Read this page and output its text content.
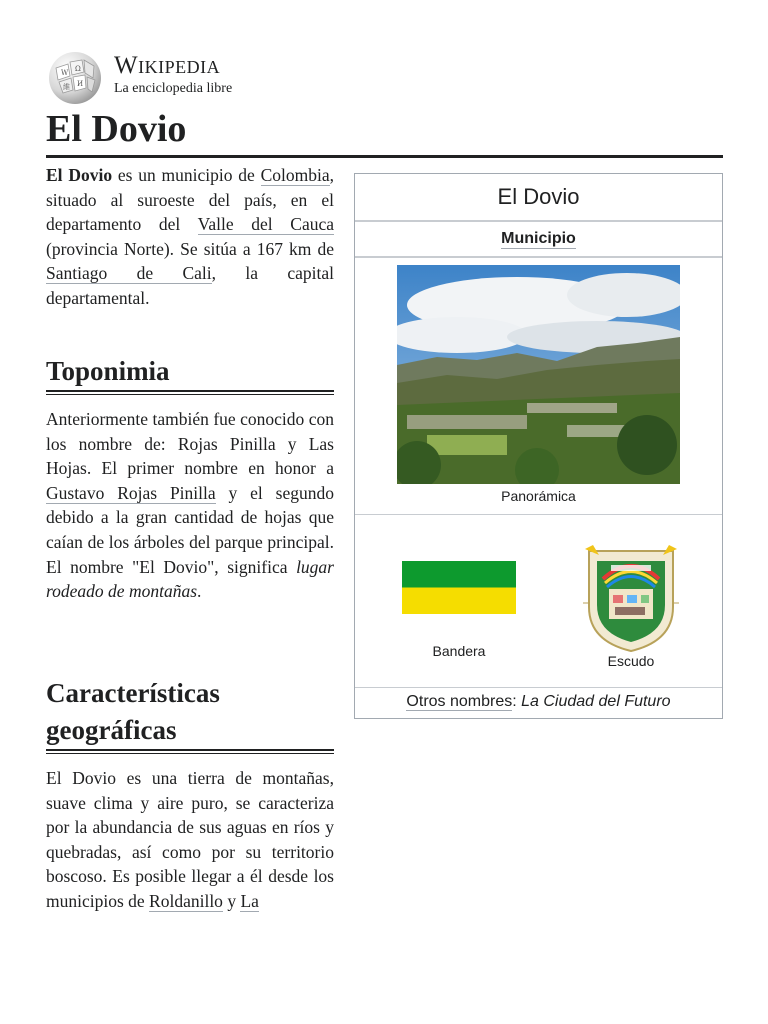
W Ω
И
維
Wikipedia
La enciclopedia libre
El Dovio

El Dovio es un municipio de Colombia, situado al suroeste del país, en el departamento del Valle del Cauca (provincia Norte). Se sitúa a 167 km de Santiago de Cali, la capital departamental.

Toponimia

Anteriormente también fue conocido con los nombre de: Rojas Pinilla y Las Hojas. El primer nombre en honor a Gustavo Rojas Pinilla y el segundo debido a la gran cantidad de hojas que caían de los árboles del parque principal. El nombre "El Dovio", significa lugar rodeado de montañas.

Características geográficas

El Dovio es una tierra de montañas, suave clima y aire puro, se caracteriza por la abundancia de sus aguas en ríos y quebradas, así como por su territorio boscoso. Es posible llegar a él desde los municipios de Roldanillo y La

El Dovio
Municipio
Panorámica
Bandera
Escudo
Otros nombres: La Ciudad del Futuro
